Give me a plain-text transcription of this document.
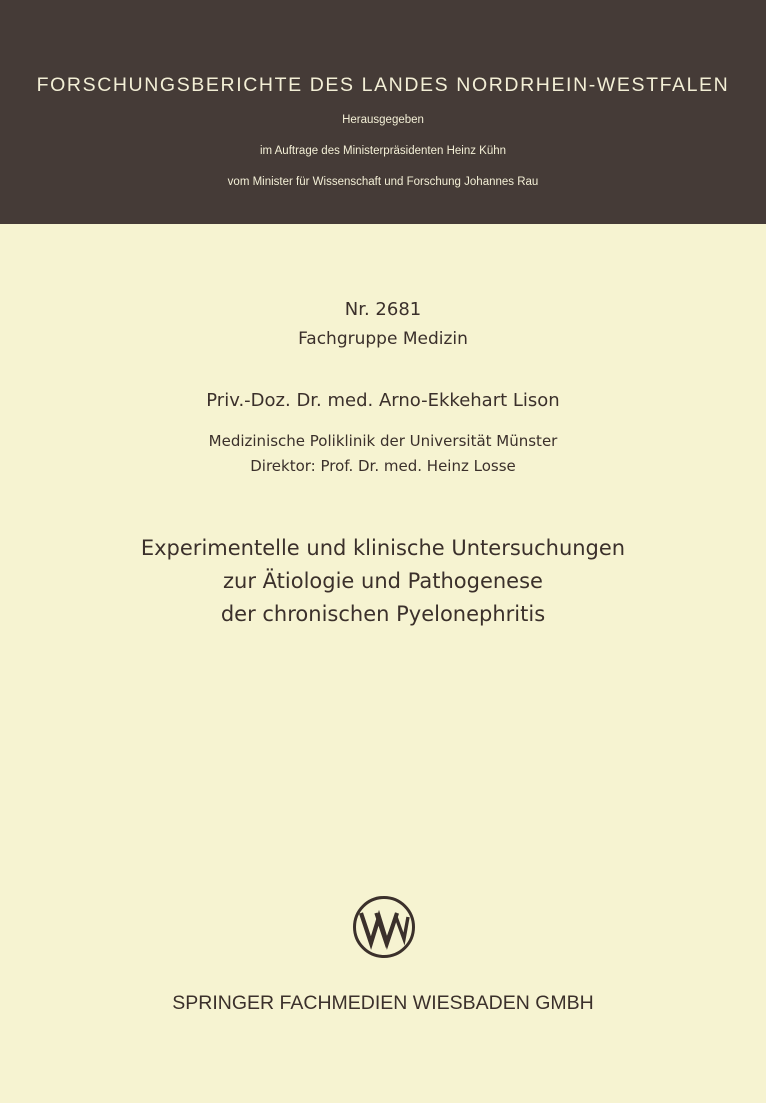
FORSCHUNGSBERICHTE DES LANDES NORDRHEIN-WESTFALEN
Herausgegeben
im Auftrage des Ministerpräsidenten Heinz Kühn
vom Minister für Wissenschaft und Forschung Johannes Rau
Nr. 2681
Fachgruppe Medizin
Priv.-Doz. Dr. med. Arno-Ekkehart Lison
Medizinische Poliklinik der Universität Münster
Direktor: Prof. Dr. med. Heinz Losse
Experimentelle und klinische Untersuchungen
zur Ätiologie und Pathogenese
der chronischen Pyelonephritis
SPRINGER FACHMEDIEN WIESBADEN GMBH
